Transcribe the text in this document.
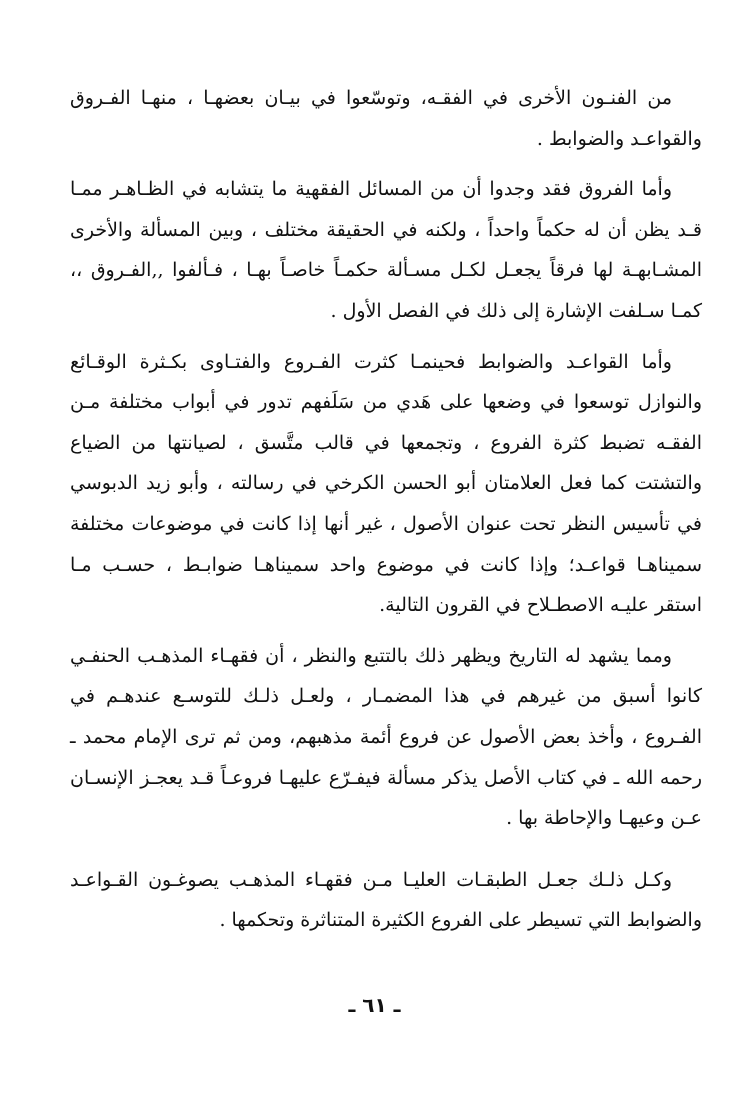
من الفنـون الأخرى في الفقـه، وتوسّعوا في بيـان بعضهـا ، منهـا الفـروق والقواعـد والضوابط .

وأما الفروق فقد وجدوا أن من المسائل الفقهية ما يتشابه في الظـاهـر ممـا قـد يظن أن له حكماً واحداً ، ولكنه في الحقيقة مختلف ، وبين المسألة والأخرى المشـابهـة لها فرقاً يجعـل لكـل مسـألة حكمـاً خاصـاً بهـا ، فـألفوا ,,الفـروق ،، كمـا سـلفت الإشارة إلى ذلك في الفصل الأول .

وأما القواعـد والضوابط فحينمـا كثرت الفـروع والفتـاوى بكـثرة الوقـائع والنوازل توسعوا في وضعها على هَدي من سَلَفهم تدور في أبواب مختلفة مـن الفقـه تضبط كثرة الفروع ، وتجمعها في قالب متَّسق ، لصيانتها من الضياع والتشتت كما فعل العلامتان أبو الحسن الكرخي في رسالته ، وأبو زيد الدبوسي في تأسيس النظر تحت عنوان الأصول ، غير أنها إذا كانت في موضوعات مختلفة سميناهـا قواعـد؛ وإذا كانت في موضوع واحد سميناهـا ضوابـط ، حسـب مـا استقر عليـه الاصطـلاح في القرون التالية.

ومما يشهد له التاريخ ويظهر ذلك بالتتبع والنظر ، أن فقهـاء المذهـب الحنفـي كانوا أسبق من غيرهم في هذا المضمـار ، ولعـل ذلـك للتوسـع عندهـم في الفـروع ، وأخذ بعض الأصول عن فروع أئمة مذهبهم، ومن ثم ترى الإمام محمد ـ رحمه الله ـ في كتاب الأصل يذكر مسألة فيفـرّع عليهـا فروعـاً قـد يعجـز الإنسـان عـن وعيهـا والإحاطة بها .

وكـل ذلـك جعـل الطبقـات العليـا مـن فقهـاء المذهـب يصوغـون القـواعـد والضوابط التي تسيطر على الفروع الكثيرة المتناثرة وتحكمها .

ـ ٦١ ـ
